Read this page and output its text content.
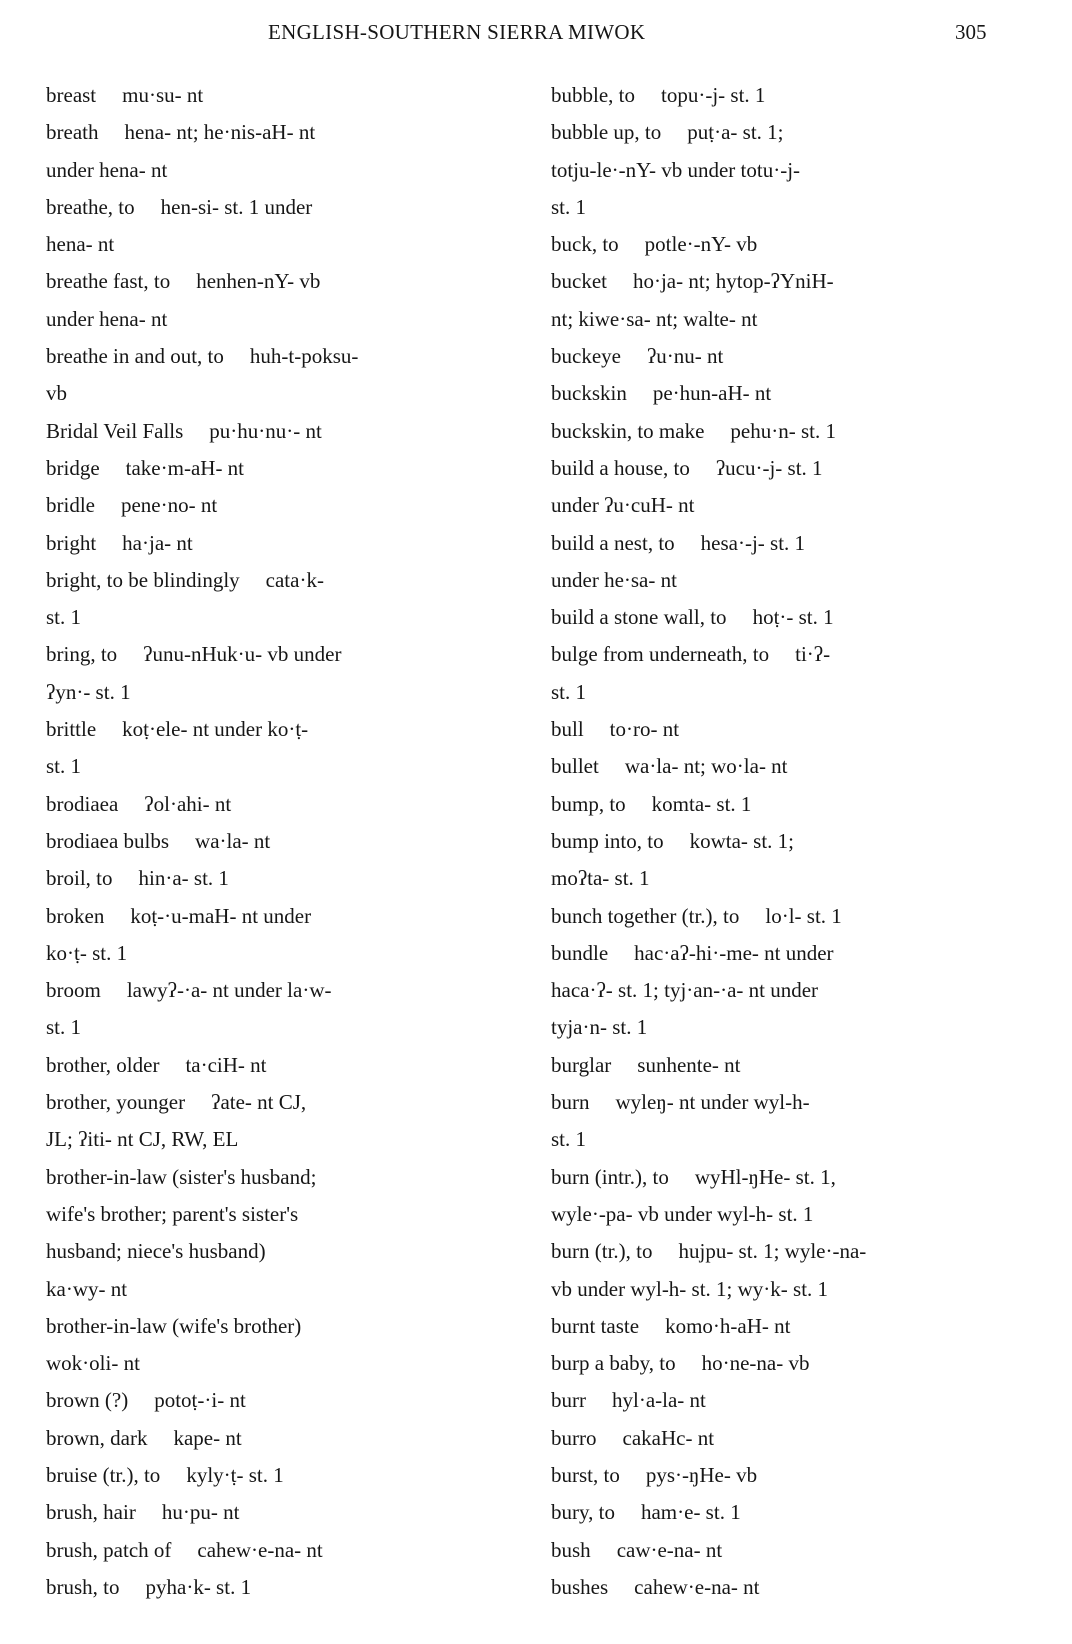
ENGLISH-SOUTHERN SIERRA MIWOK	305
breast mu·su- nt
breath hena- nt; he·nis-aH- nt
under hena- nt
breathe, to hen-si- st. 1 under
hena- nt
breathe fast, to henhen-nY- vb
under hena- nt
breathe in and out, to huh-t-poksu-
vb
Bridal Veil Falls pu·hu·nu·- nt
bridge take·m-aH- nt
bridle pene·no- nt
bright ha·ja- nt
bright, to be blindingly cata·k-
st. 1
bring, to ʔunu-nHuk·u- vb under
ʔyn·- st. 1
brittle koṭ·ele- nt under ko·ṭ-
st. 1
brodiaea ʔol·ahi- nt
brodiaea bulbs wa·la- nt
broil, to hin·a- st. 1
broken koṭ-·u-maH- nt under
ko·ṭ- st. 1
broom lawyʔ-·a- nt under la·w-
st. 1
brother, older ta·ciH- nt
brother, younger ʔate- nt CJ,
JL; ʔiti- nt CJ, RW, EL
brother-in-law (sister's husband;
wife's brother; parent's sister's
husband; niece's husband)
ka·wy- nt
brother-in-law (wife's brother)
wok·oli- nt
brown (?) potoṭ-·i- nt
brown, dark kape- nt
bruise (tr.), to kyly·ṭ- st. 1
brush, hair hu·pu- nt
brush, patch of cahew·e-na- nt
brush, to pyha·k- st. 1
bubble, to topu·-j- st. 1
bubble up, to puṭ·a- st. 1;
totju-le·-nY- vb under totu·-j-
st. 1
buck, to potle·-nY- vb
bucket ho·ja- nt; hytop-ʔYniH-
nt; kiwe·sa- nt; walte- nt
buckeye ʔu·nu- nt
buckskin pe·hun-aH- nt
buckskin, to make pehu·n- st. 1
build a house, to ʔucu·-j- st. 1
under ʔu·cuH- nt
build a nest, to hesa·-j- st. 1
under he·sa- nt
build a stone wall, to hoṭ·- st. 1
bulge from underneath, to ti·ʔ-
st. 1
bull to·ro- nt
bullet wa·la- nt; wo·la- nt
bump, to komta- st. 1
bump into, to kowta- st. 1;
moʔta- st. 1
bunch together (tr.), to lo·l- st. 1
bundle hac·aʔ-hi·-me- nt under
haca·ʔ- st. 1; tyj·an-·a- nt under
tyja·n- st. 1
burglar sunhente- nt
burn wyleŋ- nt under wyl-h-
st. 1
burn (intr.), to wyHl-ŋHe- st. 1,
wyle·-pa- vb under wyl-h- st. 1
burn (tr.), to hujpu- st. 1; wyle·-na-
vb under wyl-h- st. 1; wy·k- st. 1
burnt taste komo·h-aH- nt
burp a baby, to ho·ne-na- vb
burr hyl·a-la- nt
burro cakaHc- nt
burst, to pys·-ŋHe- vb
bury, to ham·e- st. 1
bush caw·e-na- nt
bushes cahew·e-na- nt
